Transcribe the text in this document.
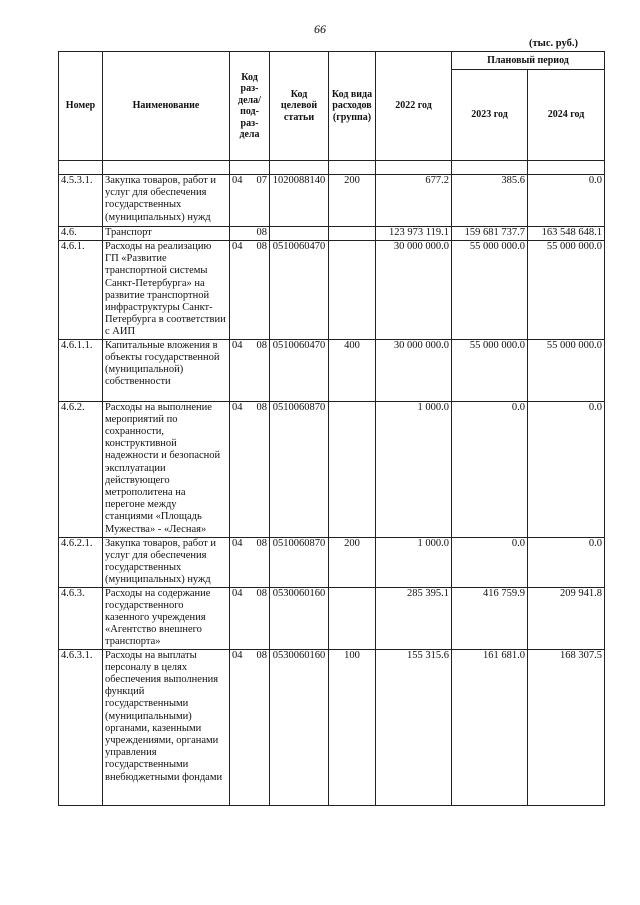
66
(тыс. руб.)
Номер	Наименование	Код раз-дела/ под-раз-дела	Код целевой статьи	Код вида расходов (группа)	2022 год	Плановый период	
						2023 год	2024 год

4.5.3.1.	Закупка товаров, работ и услуг для обеспечения государственных (муниципальных) нужд	04 07	1020088140	200	677.2	385.6	0.0
4.6.	Транспорт	08			123 973 119.1	159 681 737.7	163 548 648.1
4.6.1.	Расходы на реализацию ГП «Развитие транспортной системы Санкт-Петербурга» на развитие транспортной инфраструктуры Санкт-Петербурга в соответствии с АИП	04 08	0510060470		30 000 000.0	55 000 000.0	55 000 000.0
4.6.1.1.	Капитальные вложения в объекты государственной (муниципальной) собственности	04 08	0510060470	400	30 000 000.0	55 000 000.0	55 000 000.0
4.6.2.	Расходы на выполнение мероприятий по сохранности, конструктивной надежности и безопасной эксплуатации действующего метрополитена на перегоне между станциями «Площадь Мужества» - «Лесная»	04 08	0510060870		1 000.0	0.0	0.0
4.6.2.1.	Закупка товаров, работ и услуг для обеспечения государственных (муниципальных) нужд	04 08	0510060870	200	1 000.0	0.0	0.0
4.6.3.	Расходы на содержание государственного казенного учреждения «Агентство внешнего транспорта»	04 08	0530060160		285 395.1	416 759.9	209 941.8
4.6.3.1.	Расходы на выплаты персоналу в целях обеспечения выполнения функций государственными (муниципальными) органами, казенными учреждениями, органами управления государственными внебюджетными фондами	04 08	0530060160	100	155 315.6	161 681.0	168 307.5
